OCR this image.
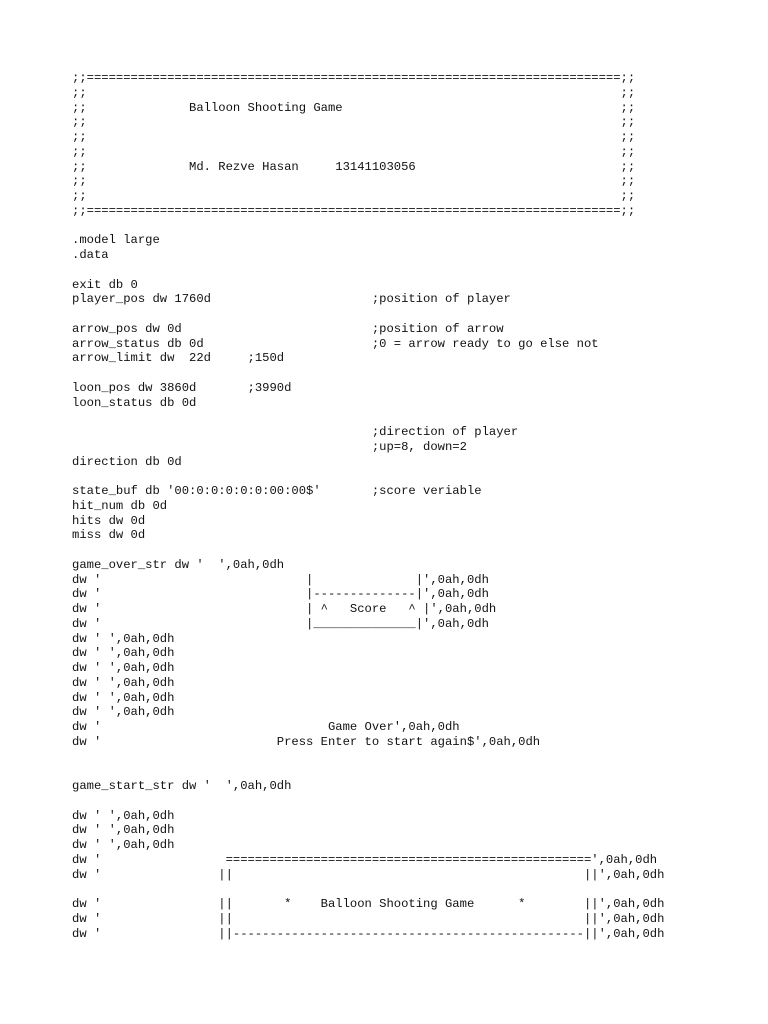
;;=========================================================================;;
;;                                                                         ;;
;;              Balloon Shooting Game                                      ;;
;;                                                                         ;;
;;                                                                         ;;
;;                                                                         ;;
;;              Md. Rezve Hasan     13141103056                            ;;
;;                                                                         ;;
;;                                                                         ;;
;;=========================================================================;;
.model large
.data
exit db 0
player_pos dw 1760d                      ;position of player
arrow_pos dw 0d                          ;position of arrow
arrow_status db 0d                       ;0 = arrow ready to go else not
arrow_limit dw  22d     ;150d
loon_pos dw 3860d       ;3990d
loon_status db 0d
;direction of player
;up=8, down=2
direction db 0d
state_buf db '00:0:0:0:0:0:00:00$'       ;score veriable
hit_num db 0d
hits dw 0d
miss dw 0d
game_over_str dw '  ',0ah,0dh
dw '                            |              |',0ah,0dh
dw '                            |--------------|',0ah,0dh
dw '                            | ^   Score   ^ |',0ah,0dh
dw '                            |______________|',0ah,0dh
dw ' ',0ah,0dh
dw ' ',0ah,0dh
dw ' ',0ah,0dh
dw ' ',0ah,0dh
dw ' ',0ah,0dh
dw ' ',0ah,0dh
dw '                               Game Over',0ah,0dh
dw '                        Press Enter to start again$',0ah,0dh
game_start_str dw '  ',0ah,0dh
dw ' ',0ah,0dh
dw ' ',0ah,0dh
dw ' ',0ah,0dh
dw '                 ==================================================',0ah,0dh
dw '                ||                                                ||',0ah,0dh
dw '                ||       *    Balloon Shooting Game      *        ||',0ah,0dh
dw '                ||                                                ||',0ah,0dh
dw '                ||------------------------------------------------||',0ah,0dh
